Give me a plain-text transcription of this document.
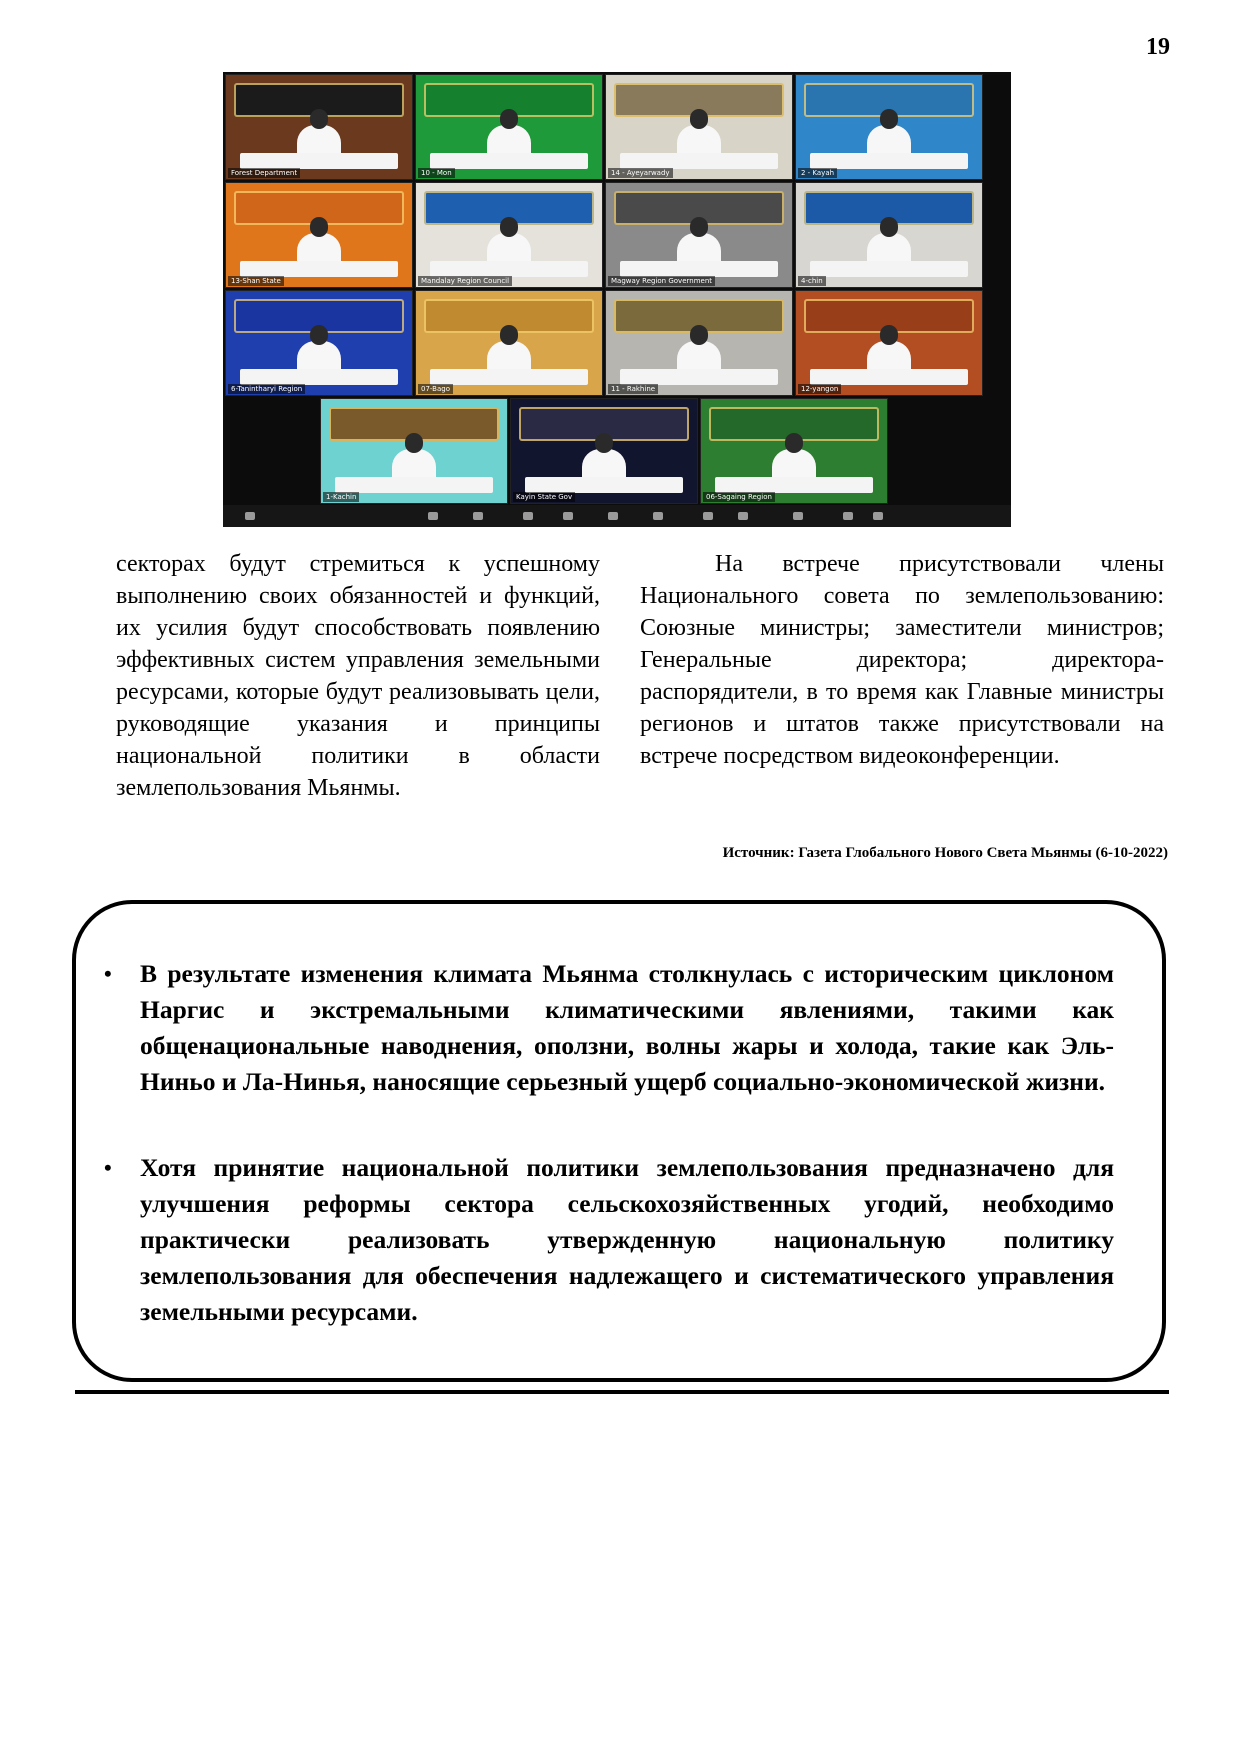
19
Forest Department	10 - Mon	14 - Ayeyarwady	2 - Kayah
13-Shan State	Mandalay Region Council	Magway Region Government	4-chin
6-Tanintharyi Region	07-Bago	11 - Rakhine	12-yangon
1-Kachin	Kayin State Gov	06-Sagaing Region
секторах будут стремиться к успешному выполнению своих обязанностей и функций, их усилия будут способствовать появлению эффективных систем управления земельными ресурсами, которые будут реализовывать цели, руководящие указания и принципы национальной политики в области землепользования Мьянмы.
На встрече присутствовали члены Национального совета по землепользованию: Союзные министры; заместители министров; Генеральные директора; директора-распорядители, в то время как Главные министры регионов и штатов также присутствовали на встрече посредством видеоконференции.
Источник: Газета Глобального Нового Света Мьянмы (6-10-2022)
• В результате изменения климата Мьянма столкнулась с историческим циклоном Наргис и экстремальными климатическими явлениями, такими как общенациональные наводнения, оползни, волны жары и холода, такие как Эль-Ниньо и Ла-Нинья, наносящие серьезный ущерб социально-экономической жизни.
• Хотя принятие национальной политики землепользования предназначено для улучшения реформы сектора сельскохозяйственных угодий, необходимо практически реализовать утвержденную национальную политику землепользования для обеспечения надлежащего и систематического управления земельными ресурсами.
